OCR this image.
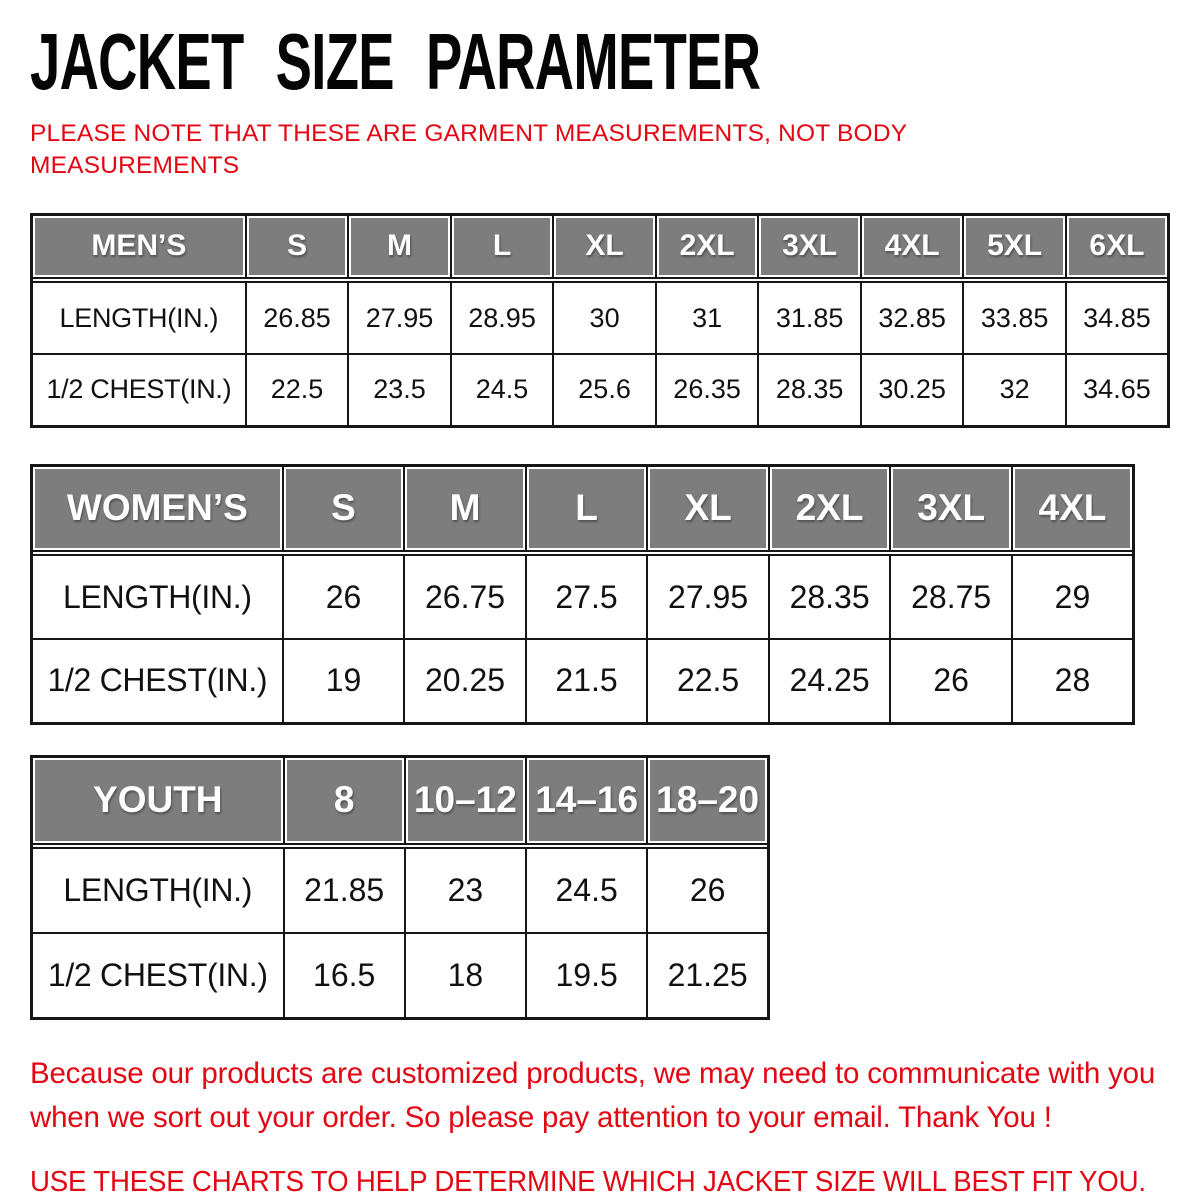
JACKET SIZE PARAMETER

PLEASE NOTE THAT THESE ARE GARMENT MEASUREMENTS, NOT BODY MEASUREMENTS

MEN’S	S	M	L	XL	2XL	3XL	4XL	5XL	6XL

LENGTH(IN.)	26.85	27.95	28.95	30	31	31.85	32.85	33.85	34.85
1/2 CHEST(IN.)	22.5	23.5	24.5	25.6	26.35	28.35	30.25	32	34.65
WOMEN’S	S	M	L	XL	2XL	3XL	4XL

LENGTH(IN.)	26	26.75	27.5	27.95	28.35	28.75	29
1/2 CHEST(IN.)	19	20.25	21.5	22.5	24.25	26	28
YOUTH	8	10–12	14–16	18–20

LENGTH(IN.)	21.85	23	24.5	26
1/2 CHEST(IN.)	16.5	18	19.5	21.25

Because our products are customized products, we may need to communicate with you when we sort out your order. So please pay attention to your email. Thank You !

USE THESE CHARTS TO HELP DETERMINE WHICH JACKET SIZE WILL BEST FIT YOU.
